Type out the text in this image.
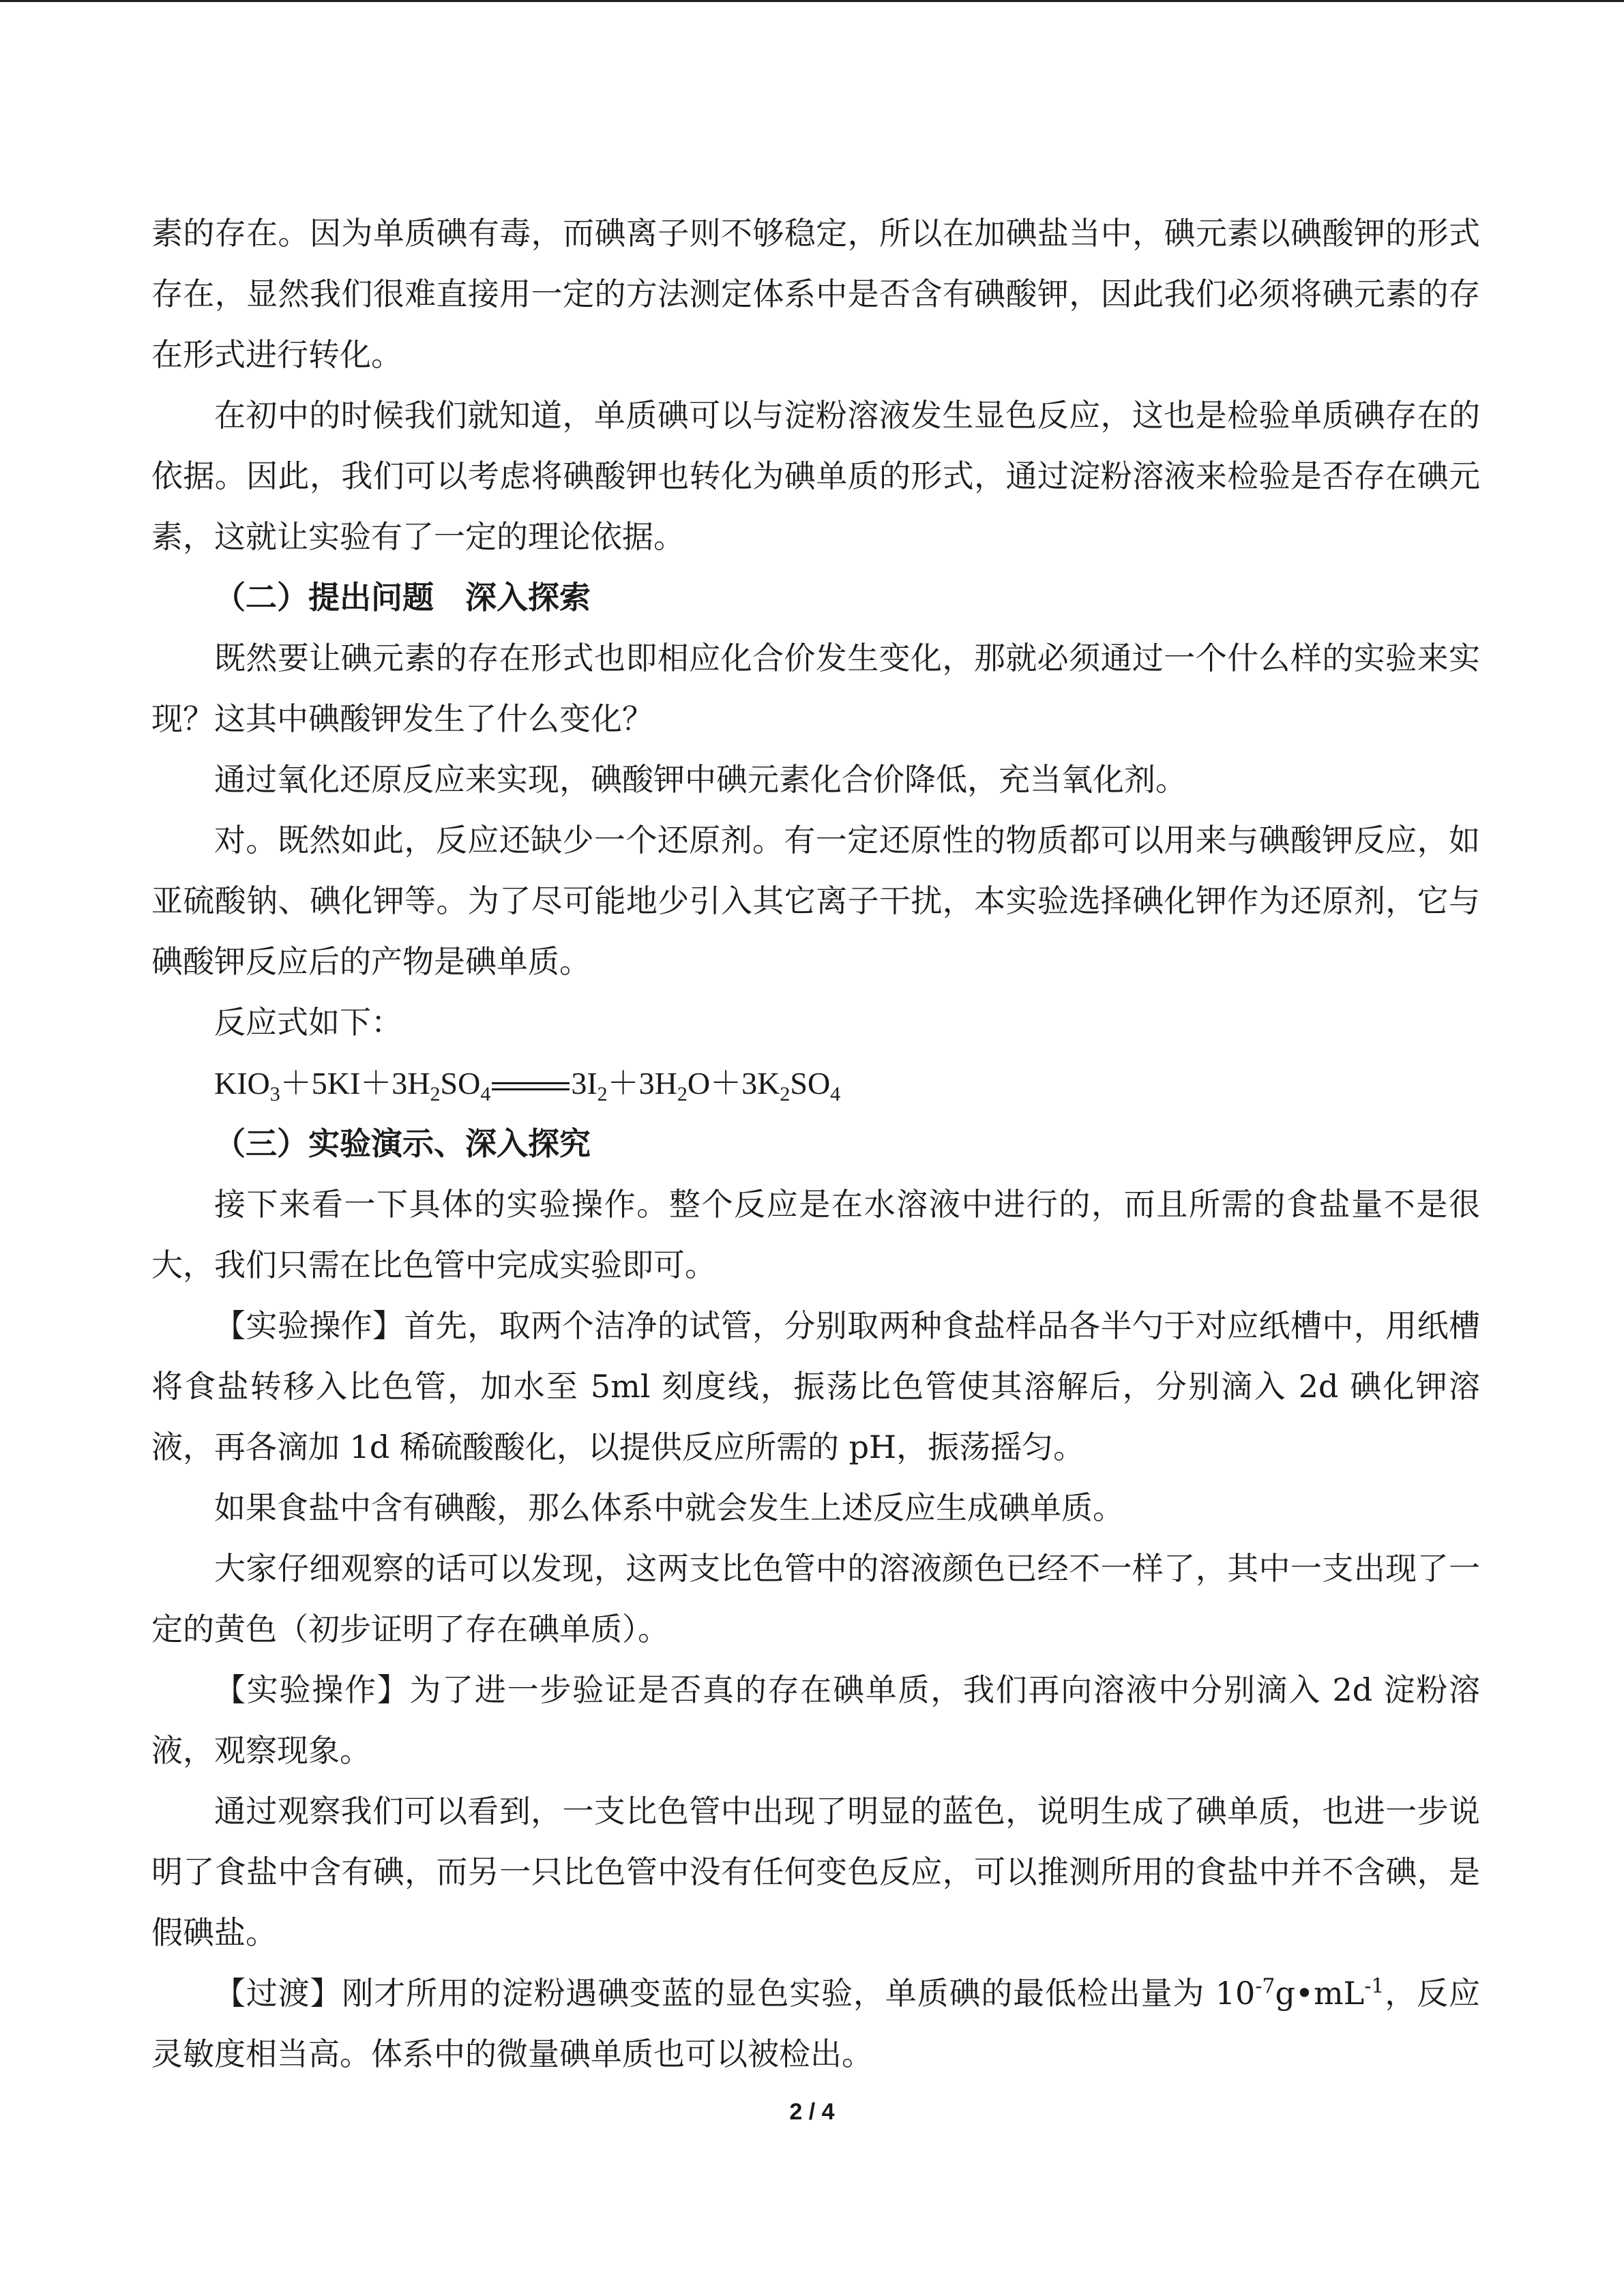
素的存在。因为单质碘有毒，而碘离子则不够稳定，所以在加碘盐当中，碘元素以碘酸钾的形式存在，显然我们很难直接用一定的方法测定体系中是否含有碘酸钾，因此我们必须将碘元素的存在形式进行转化。

在初中的时候我们就知道，单质碘可以与淀粉溶液发生显色反应，这也是检验单质碘存在的依据。因此，我们可以考虑将碘酸钾也转化为碘单质的形式，通过淀粉溶液来检验是否存在碘元素，这就让实验有了一定的理论依据。

（二）提出问题　深入探索

既然要让碘元素的存在形式也即相应化合价发生变化，那就必须通过一个什么样的实验来实现？这其中碘酸钾发生了什么变化？

通过氧化还原反应来实现，碘酸钾中碘元素化合价降低，充当氧化剂。

对。既然如此，反应还缺少一个还原剂。有一定还原性的物质都可以用来与碘酸钾反应，如亚硫酸钠、碘化钾等。为了尽可能地少引入其它离子干扰，本实验选择碘化钾作为还原剂，它与碘酸钾反应后的产物是碘单质。

反应式如下：

$KIO_3+5KI+3H_2SO_4$	$3I_2+3H_2O+3K_2SO_4$

（三）实验演示、深入探究

接下来看一下具体的实验操作。整个反应是在水溶液中进行的，而且所需的食盐量不是很大，我们只需在比色管中完成实验即可。

【实验操作】首先，取两个洁净的试管，分别取两种食盐样品各半勺于对应纸槽中，用纸槽将食盐转移入比色管，加水至 5ml 刻度线，振荡比色管使其溶解后，分别滴入 2d 碘化钾溶液，再各滴加 1d 稀硫酸酸化，以提供反应所需的 pH，振荡摇匀。

如果食盐中含有碘酸，那么体系中就会发生上述反应生成碘单质。

大家仔细观察的话可以发现，这两支比色管中的溶液颜色已经不一样了，其中一支出现了一定的黄色（初步证明了存在碘单质）。

【实验操作】为了进一步验证是否真的存在碘单质，我们再向溶液中分别滴入 2d 淀粉溶液，观察现象。

通过观察我们可以看到，一支比色管中出现了明显的蓝色，说明生成了碘单质，也进一步说明了食盐中含有碘，而另一只比色管中没有任何变色反应，可以推测所用的食盐中并不含碘，是假碘盐。

【过渡】刚才所用的淀粉遇碘变蓝的显色实验，单质碘的最低检出量为 $10^{-7}g•mL^{-1}$，反应灵敏度相当高。体系中的微量碘单质也可以被检出。

2 / 4
